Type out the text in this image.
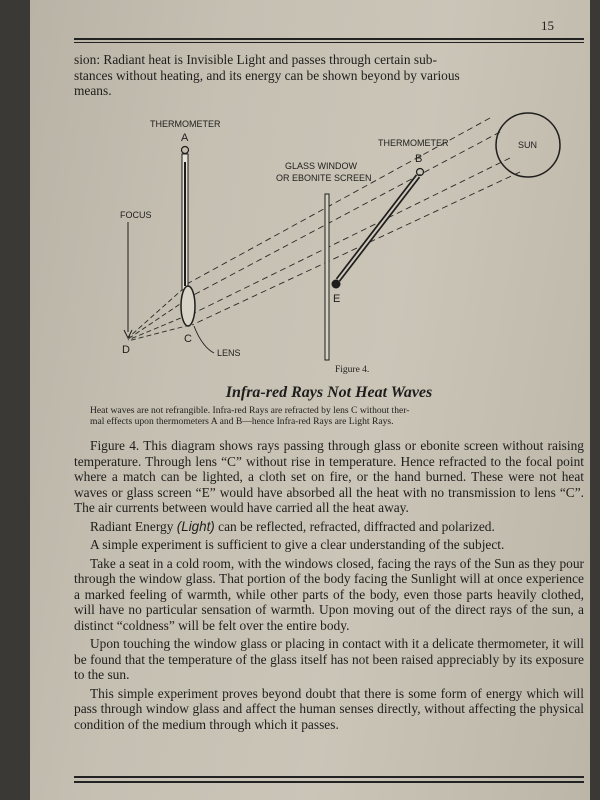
15
sion: Radiant heat is Invisible Light and passes through certain sub-
stances without heating, and its energy can be shown beyond by various
means.
SUN
THERMOMETER
A
C
LENS
FOCUS
D
GLASS WINDOW
OR EBONITE SCREEN
THERMOMETER
B
E
Figure 4.
Infra-red Rays Not Heat Waves
Heat waves are not refrangible. Infra-red Rays are refracted by lens C without ther-
mal effects upon thermometers A and B—hence Infra-red Rays are Light Rays.

Figure 4. This diagram shows rays passing through glass or ebonite screen without raising temperature. Through lens “C” without rise in temperature. Hence refracted to the focal point where a match can be lighted, a cloth set on fire, or the hand burned. These were not heat waves or glass screen “E” would have absorbed all the heat with no transmission to lens “C”. The air currents between would have carried all the heat away.

Radiant Energy (Light) can be reflected, refracted, diffracted and polarized.

A simple experiment is sufficient to give a clear understanding of the subject.

Take a seat in a cold room, with the windows closed, facing the rays of the Sun as they pour through the window glass. That portion of the body facing the Sunlight will at once experience a marked feeling of warmth, while other parts of the body, even those parts heavily clothed, will have no particular sensation of warmth. Upon moving out of the direct rays of the sun, a distinct “coldness” will be felt over the entire body.

Upon touching the window glass or placing in contact with it a delicate thermometer, it will be found that the temperature of the glass itself has not been raised appreciably by its exposure to the sun.

This simple experiment proves beyond doubt that there is some form of energy which will pass through window glass and affect the human senses directly, without affecting the physical condition of the medium through which it passes.
